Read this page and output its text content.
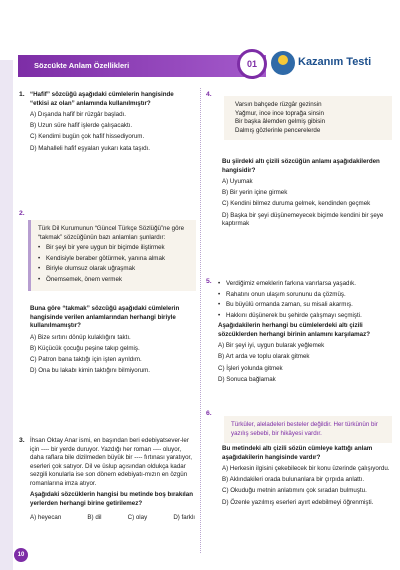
Sözcükte Anlam Özellikleri	01	Kazanım Testi
1. “Hafif” sözcüğü aşağıdaki cümlelerin hangisinde
“etkisi az olan” anlamında kullanılmıştır?
A) Dışarıda hafif bir rüzgâr başladı.
B) Uzun süre hafif işlerde çalışacaktı.
C) Kendimi bugün çok hafif hissediyorum.
D) Mahalleli hafif eşyaları yukarı kata taşıdı.
2.
Türk Dil Kurumunun “Güncel Türkçe Sözlüğü”ne göre “takmak” sözcüğünün bazı anlamları şunlardır:
• Bir şeyi bir yere uygun bir biçimde iliştirmek
• Kendisiyle beraber götürmek, yanına almak
• Biriyle olumsuz olarak uğraşmak
• Önemsemek, önem vermek
Buna göre “takmak” sözcüğü aşağıdaki cümlelerin hangisinde verilen anlamlarından herhangi biriyle kullanılmamıştır?
A) Bize sırtını dönüp kulaklığını taktı.
B) Küçücük çocuğu peşine takıp gelmiş.
C) Patron bana taktığı için işten ayrıldım.
D) Ona bu lakabı kimin taktığını bilmiyorum.
3. İhsan Oktay Anar ismi, en başından beri edebiyatsever-ler için ---- bir yerde duruyor. Yazdığı her roman ---- oluyor, daha raflara bile dizilmeden büyük bir ---- fırtınası yaratıyor, eserleri çok satıyor. Dil ve üslup açısından oldukça kadar sezgili konularla ise son dönem edebiyatı-mızın en özgün romanlarına imza atıyor.
Aşağıdaki sözcüklerin hangisi bu metinde boş bırakılan yerlerden herhangi birine getirilemez?
A) heyecan	B) dil	C) olay	D) farklı
10
4.
Varsın bahçede rüzgâr gezinsin
Yağmur, ince ince toprağa sinsin
Bir başka âlemden gelmiş gibisin
Dalmış gözlerinle pencerelerde
Bu şiirdeki altı çizili sözcüğün anlamı aşağıdakilerden hangisidir?
A) Uyumak
B) Bir yerin içine girmek
C) Kendini bilmez duruma gelmek, kendinden geçmek
D) Başka bir şeyi düşünemeyecek biçimde kendini bir şeye kaptırmak
5.
•	Verdiğimiz emeklerin farkına varırlarsa yaşadık.
• Rahatını onun ulaşım sorununu da çözmüş.
• Bu büyülü ormanda zaman, su misali akarmış.
• Hakkını düşünerek bu şehirde çalışmayı seçmişti.
Aşağıdakilerin herhangi bu cümlelerdeki altı çizili sözcüklerden herhangi birinin anlamını karşılamaz?
A) Bir şeyi iyi, uygun bularak yeğlemek
B) Art arda ve toplu olarak gitmek
C) İşleri yolunda gitmek
D) Sonuca bağlamak
6.
Türküler, aleladeleri besteler değildir. Her türkünün bir yazılış sebebi, bir hikâyesi vardır.
Bu metindeki altı çizili sözün cümleye kattığı anlam aşağıdakilerin hangisinde vardır?
A) Herkesin ilgisini çekebilecek bir konu üzerinde çalışıyordu.
B) Aklındakileri orada bulunanlara bir çırpıda anlattı.
C) Okuduğu metnin anlatımını çok sıradan bulmuştu.
D) Özenle yazılmış eserleri ayırt edebilmeyi öğrenmişti.
